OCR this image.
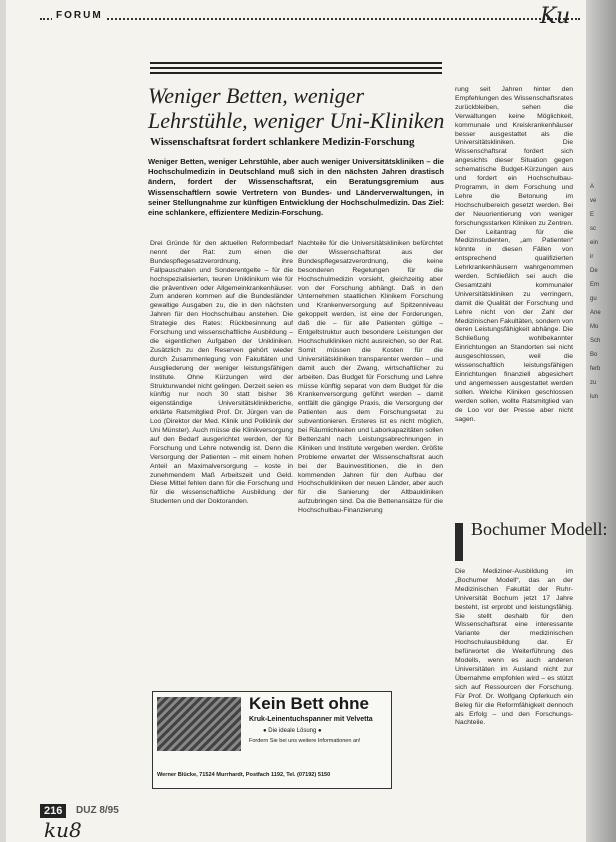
FORUM	Ku
Weniger Betten, weniger Lehrstühle, weniger Uni-Kliniken
Wissenschaftsrat fordert schlankere Medizin-Forschung

Weniger Betten, weniger Lehrstühle, aber auch weniger Universitätskliniken – die Hochschulmedizin in Deutschland muß sich in den nächsten Jahren drastisch ändern, fordert der Wissenschaftsrat, ein Beratungsgremium aus Wissenschaftlern sowie Vertretern von Bundes- und Länderverwaltungen, in seiner Stellungnahme zur künftigen Entwicklung der Hochschulmedizin. Das Ziel: eine schlankere, effizientere Medizin-Forschung.

Drei Gründe für den aktuellen Reformbedarf nennt der Rat: zum einen die Bundespflegesatzverordnung, ihre Fallpauschalen und Sonderentgelte – für die hochspezialisierten, teuren Uniklinikum wie für die präventiven oder Allgemeinkrankenhäuser. Zum anderen kommen auf die Bundesländer gewaltige Ausgaben zu, die in den nächsten Jahren für den Hochschulbau anstehen. Die Strategie des Rates: Rückbesinnung auf Forschung und wissenschaftliche Ausbildung – die eigentlichen Aufgaben der Unikliniken. Zusätzlich zu den Reserven gehört wieder durch Zusammenlegung von Fakultäten und Ausgliederung der weniger leistungsfähigen Institute. Ohne Kürzungen wird der Strukturwandel nicht gelingen. Derzeit seien es künftig nur noch 30 statt bisher 36 eigenständige Universitätsklinikberiche, erklärte Ratsmitglied Prof. Dr. Jürgen van de Loo (Direktor der Med. Klinik und Poliklinik der Uni Münster). Auch müsse die Klinikversorgung auf den Bedarf ausgerichtet werden, der für Forschung und Lehre notwendig ist. Denn die Versorgung der Patienten – mit einem hohen Anteil an Maximalversorgung – koste in zunehmendem Maß Arbeitszeit und Geld. Diese Mittel fehlen dann für die Forschung und für die wissenschaftliche Ausbildung der Studenten und der Doktoranden.

Nachteile für die Universitätskliniken befürchtet der Wissenschaftsrat aus der Bundespflegesatzverordnung, die keine besonderen Regelungen für die Hochschulmedizin vorsieht, gleichzeitig aber von der Forschung abhängt. Daß in den Unternehmen staatlichen Klinikern Forschung und Krankenversorgung auf Spitzenniveau gekoppelt werden, ist eine der Forderungen, daß die – für alle Patienten gültige – Entgeltstruktur auch besondere Leistungen der Hochschulkliniken nicht ausreichen, so der Rat. Somit müssen die Kosten für die Universitätskliniken transparenter werden – und damit auch der Zwang, wirtschaftlicher zu arbeiten. Das Budget für Forschung und Lehre müsse künftig separat von dem Budget für die Krankenversorgung geführt werden – damit entfällt die gängige Praxis, die Versorgung der Patienten aus dem Forschungsetat zu subventionieren. Ersteres ist es nicht möglich, bei Räumlichkeiten und Laborkapazitäten sollen Bettenzahl nach Leistungsabrechnungen in Kliniken und Institute vergeben werden. Größte Probleme erwartet der Wissenschaftsrat auch bei der Bauinvestitionen, die in den kommenden Jahren für den Aufbau der Hochschulkliniken der neuen Länder, aber auch für die Sanierung der Altbaukliniken aufzubringen sind. Da die Bettenansätze für die Hochschulbau-Finanzierung

rung seit Jahren hinter den Empfehlungen des Wissenschaftsrates zurückbleiben, sehen die Verwaltungen keine Möglichkeit, kommunale und Kreiskrankenhäuser besser ausgestattet als die Universitätskliniken. Die Wissenschaftsrat fordert sich angesichts dieser Situation gegen schematische Budget-Kürzungen aus und fordert ein Hochschulbau-Programm, in dem Forschung und Lehre die Betonung im Hochschulbereich gesetzt werden. Bei der Neuorientierung von weniger forschungsstarken Kliniken zu Zentren. Der Leitantrag für die Medizinstudenten, „am Patienten“ könnte in diesen Fällen von entsprechend qualifizierten Lehrkrankenhäusern wahrgenommen werden. Schließlich sei auch die Gesamtzahl kommunaler Universitätskliniken zu verringern, damit die Qualität der Forschung und Lehre nicht von der Zahl der Medizinischen Fakultäten, sondern von deren Leistungsfähigkeit abhänge. Die Schließung wohlbekannter Einrichtungen an Standorten sei nicht ausgeschlossen, weil die wissenschaftlich leistungsfähigen Einrichtungen finanziell abgesichert und angemessen ausgestattet werden sollen. Welche Kliniken geschlossen werden sollen, wollte Ratsmitglied van de Loo vor der Presse aber nicht sagen.

Bochumer Modell:

Die Mediziner-Ausbildung im „Bochumer Modell“, das an der Medizinischen Fakultät der Ruhr-Universität Bochum jetzt 17 Jahre besteht, ist erprobt und leistungsfähig. Sie stellt deshalb für den Wissenschaftsrat eine interessante Variante der medizinischen Hochschulausbildung dar. Er befürwortet die Weiterführung des Modells, wenn es auch anderen Universitäten im Ausland nicht zur Übernahme empfohlen wird – es stützt sich auf Ressourcen der Forschung. Für Prof. Dr. Wolfgang Opferkuch ein Beleg für die Reformfähigkeit dennoch als Erfolg – und den Forschungs-Nachteile.

Kein Bett ohne
Kruk-Leinentuchspanner mit Velvetta
● Die ideale Lösung ●
Fordern Sie bei uns weitere Informationen an!
Werner Blücke, 71524 Murrhardt, Postfach 1192, Tel. (07192) 5150
216	DUZ 8/95
ku8
A
ve
E
sc
ein
ir
De
Em
gu
Ane
Mo
Sch
Bo
ferb
zu
lun
